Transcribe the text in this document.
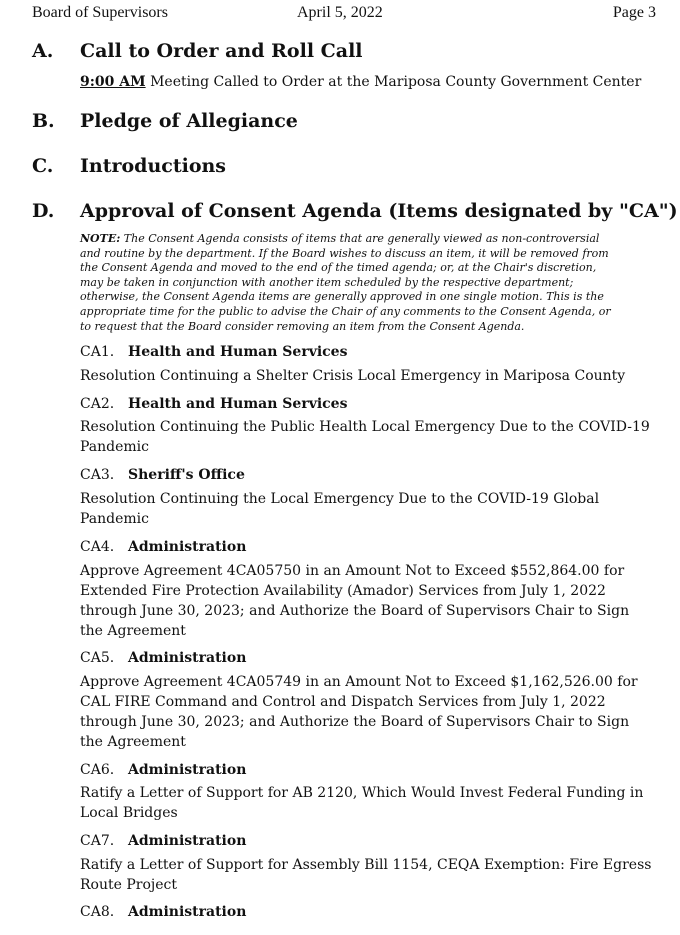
Board of Supervisors	April 5, 2022	Page 3
A. Call to Order and Roll Call
9:00 AM Meeting Called to Order at the Mariposa County Government Center
B. Pledge of Allegiance
C. Introductions
D. Approval of Consent Agenda (Items designated by "CA")
NOTE: The Consent Agenda consists of items that are generally viewed as non-controversial
and routine by the department. If the Board wishes to discuss an item, it will be removed from
the Consent Agenda and moved to the end of the timed agenda; or, at the Chair's discretion,
may be taken in conjunction with another item scheduled by the respective department;
otherwise, the Consent Agenda items are generally approved in one single motion. This is the
appropriate time for the public to advise the Chair of any comments to the Consent Agenda, or
to request that the Board consider removing an item from the Consent Agenda.
CA1. Health and Human Services
Resolution Continuing a Shelter Crisis Local Emergency in Mariposa County
CA2. Health and Human Services
Resolution Continuing the Public Health Local Emergency Due to the COVID-19
Pandemic
CA3. Sheriff's Office
Resolution Continuing the Local Emergency Due to the COVID-19 Global
Pandemic
CA4. Administration
Approve Agreement 4CA05750 in an Amount Not to Exceed $552,864.00 for
Extended Fire Protection Availability (Amador) Services from July 1, 2022
through June 30, 2023; and Authorize the Board of Supervisors Chair to Sign
the Agreement
CA5. Administration
Approve Agreement 4CA05749 in an Amount Not to Exceed $1,162,526.00 for
CAL FIRE Command and Control and Dispatch Services from July 1, 2022
through June 30, 2023; and Authorize the Board of Supervisors Chair to Sign
the Agreement
CA6. Administration
Ratify a Letter of Support for AB 2120, Which Would Invest Federal Funding in
Local Bridges
CA7. Administration
Ratify a Letter of Support for Assembly Bill 1154, CEQA Exemption: Fire Egress
Route Project
CA8. Administration
